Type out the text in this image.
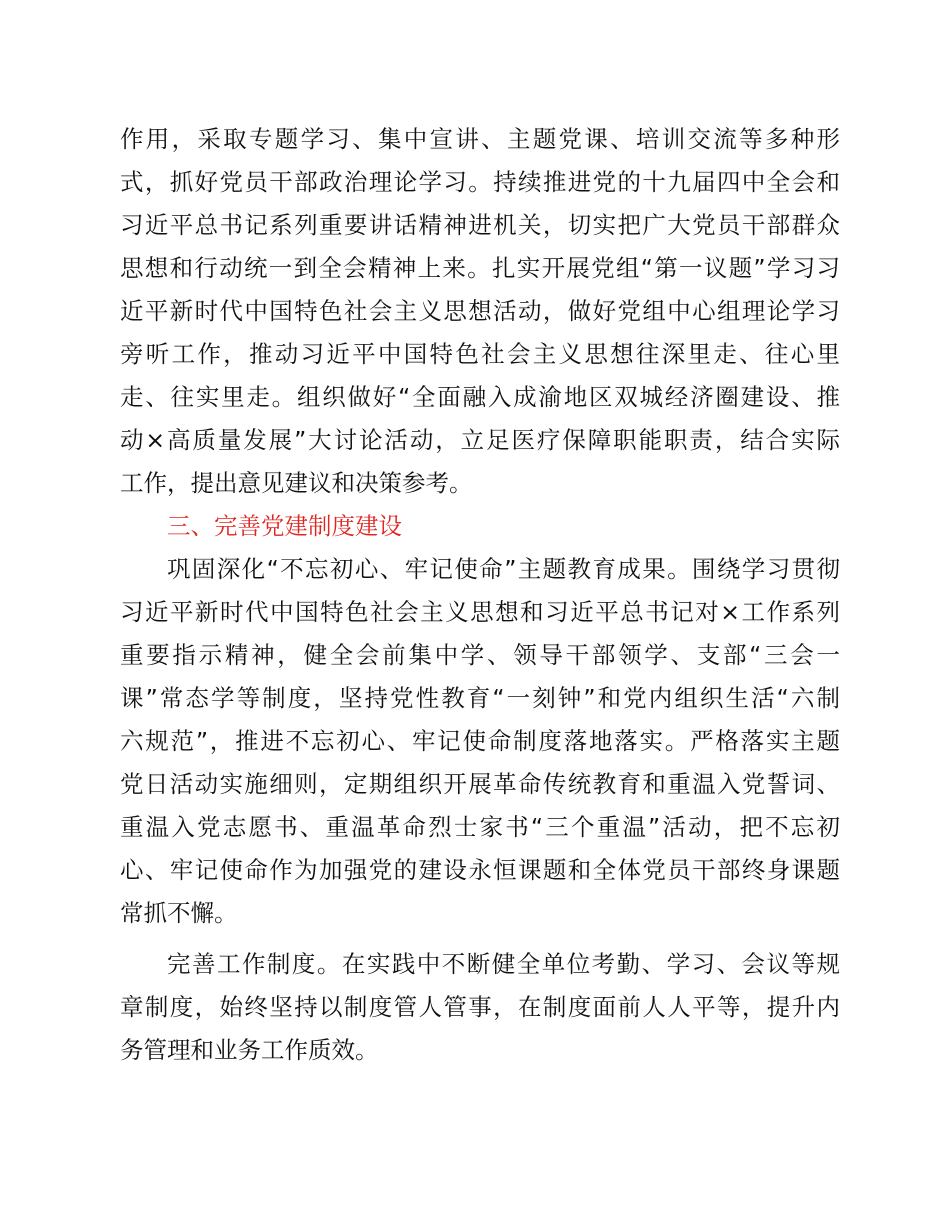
作用，采取专题学习、集中宣讲、主题党课、培训交流等多种形
式，抓好党员干部政治理论学习。持续推进党的十九届四中全会和
习近平总书记系列重要讲话精神进机关，切实把广大党员干部群众
思想和行动统一到全会精神上来。扎实开展党组“第一议题”学习习
近平新时代中国特色社会主义思想活动，做好党组中心组理论学习
旁听工作，推动习近平中国特色社会主义思想往深里走、往心里
走、往实里走。组织做好“全面融入成渝地区双城经济圈建设、推
动×高质量发展”大讨论活动，立足医疗保障职能职责，结合实际
工作，提出意见建议和决策参考。
三、完善党建制度建设
巩固深化“不忘初心、牢记使命”主题教育成果。围绕学习贯彻
习近平新时代中国特色社会主义思想和习近平总书记对×工作系列
重要指示精神，健全会前集中学、领导干部领学、支部“三会一
课”常态学等制度，坚持党性教育“一刻钟”和党内组织生活“六制
六规范”，推进不忘初心、牢记使命制度落地落实。严格落实主题
党日活动实施细则，定期组织开展革命传统教育和重温入党誓词、
重温入党志愿书、重温革命烈士家书“三个重温”活动，把不忘初
心、牢记使命作为加强党的建设永恒课题和全体党员干部终身课题
常抓不懈。
完善工作制度。在实践中不断健全单位考勤、学习、会议等规
章制度，始终坚持以制度管人管事，在制度面前人人平等，提升内
务管理和业务工作质效。
